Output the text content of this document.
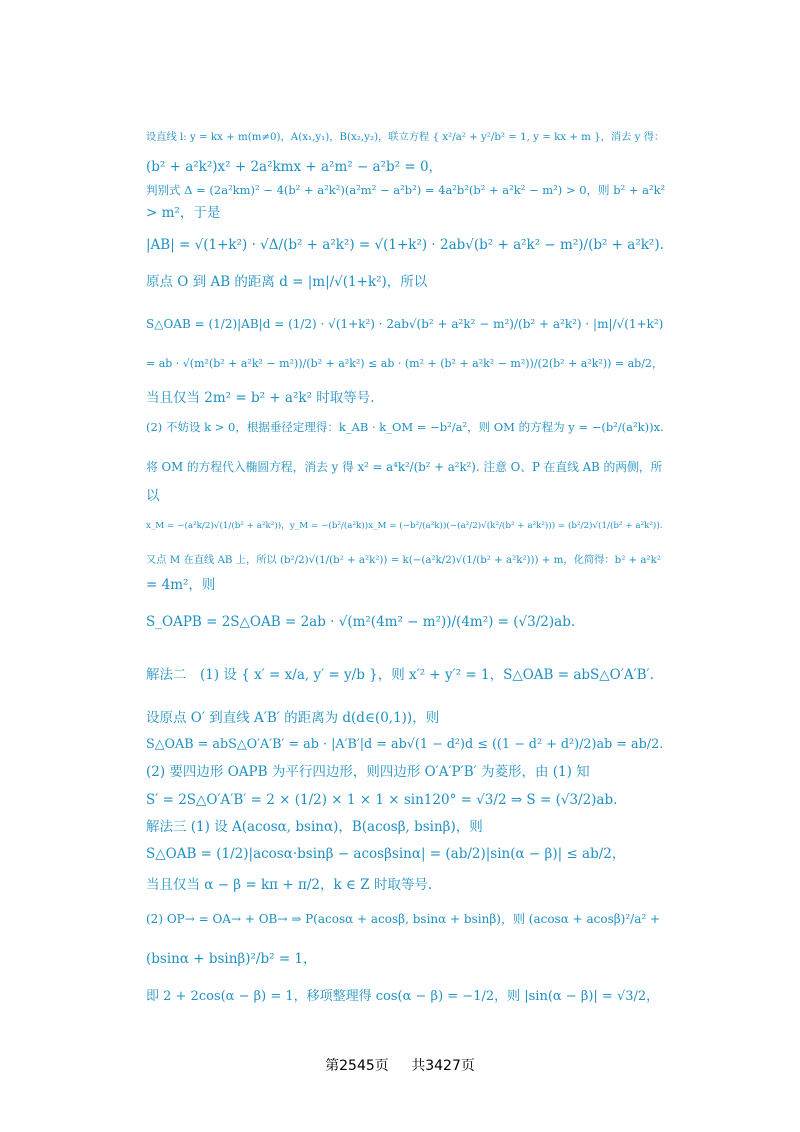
设直线 l: y = kx + m(m≠0)，A(x₁,y₁)，B(x₂,y₂)，联立方程 { x²/a² + y²/b² = 1, y = kx + m }，消去 y 得：
(b² + a²k²)x² + 2a²kmx + a²m² − a²b² = 0，
判别式 Δ = (2a²km)² − 4(b² + a²k²)(a²m² − a²b²) = 4a²b²(b² + a²k² − m²) > 0，则 b² + a²k²
> m²，于是
|AB| = √(1+k²) · √Δ/(b² + a²k²) = √(1+k²) · 2ab√(b² + a²k² − m²)/(b² + a²k²).
原点 O 到 AB 的距离 d = |m|/√(1+k²)，所以
S△OAB = (1/2)|AB|d = (1/2) · √(1+k²) · 2ab√(b² + a²k² − m²)/(b² + a²k²) · |m|/√(1+k²)
= ab · √(m²(b² + a²k² − m²))/(b² + a²k²) ≤ ab · (m² + (b² + a²k² − m²))/(2(b² + a²k²)) = ab/2，
当且仅当 2m² = b² + a²k² 时取等号.
(2) 不妨设 k > 0，根据垂径定理得：k_AB · k_OM = −b²/a²，则 OM 的方程为 y = −(b²/(a²k))x.
将 OM 的方程代入椭圆方程，消去 y 得 x² = a⁴k²/(b² + a²k²). 注意 O、P 在直线 AB 的两侧，所
以
x_M = −(a²k/2)√(1/(b² + a²k²))，y_M = −(b²/(a²k))x_M = (−b²/(a²k))(−(a²/2)√(k²/(b² + a²k²))) = (b²/2)√(1/(b² + a²k²)).
又点 M 在直线 AB 上，所以 (b²/2)√(1/(b² + a²k²)) = k(−(a²k/2)√(1/(b² + a²k²))) + m，化简得：b² + a²k²
= 4m²，则
S_OAPB = 2S△OAB = 2ab · √(m²(4m² − m²))/(4m²) = (√3/2)ab.
解法二　(1) 设 { x′ = x/a, y′ = y/b }，则 x′² + y′² = 1，S△OAB = abS△O′A′B′.
设原点 O′ 到直线 A′B′ 的距离为 d(d∈(0,1))，则
S△OAB = abS△O′A′B′ = ab · |A′B′|d = ab√(1 − d²)d ≤ ((1 − d² + d²)/2)ab = ab/2.
(2) 要四边形 OAPB 为平行四边形，则四边形 O′A′P′B′ 为菱形，由 (1) 知
S′ = 2S△O′A′B′ = 2 × (1/2) × 1 × 1 × sin120° = √3/2 ⇒ S = (√3/2)ab.
解法三 (1) 设 A(acosα, bsinα)，B(acosβ, bsinβ)，则
S△OAB = (1/2)|acosα·bsinβ − acosβsinα| = (ab/2)|sin(α − β)| ≤ ab/2，
当且仅当 α − β = kπ + π/2，k ∈ Z 时取等号.
(2) OP→ = OA→ + OB→ ⇒ P(acosα + acosβ, bsinα + bsinβ)，则 (acosα + acosβ)²/a² +
(bsinα + bsinβ)²/b² = 1，
即 2 + 2cos(α − β) = 1，移项整理得 cos(α − β) = −1/2，则 |sin(α − β)| = √3/2，
第2545页 共3427页
